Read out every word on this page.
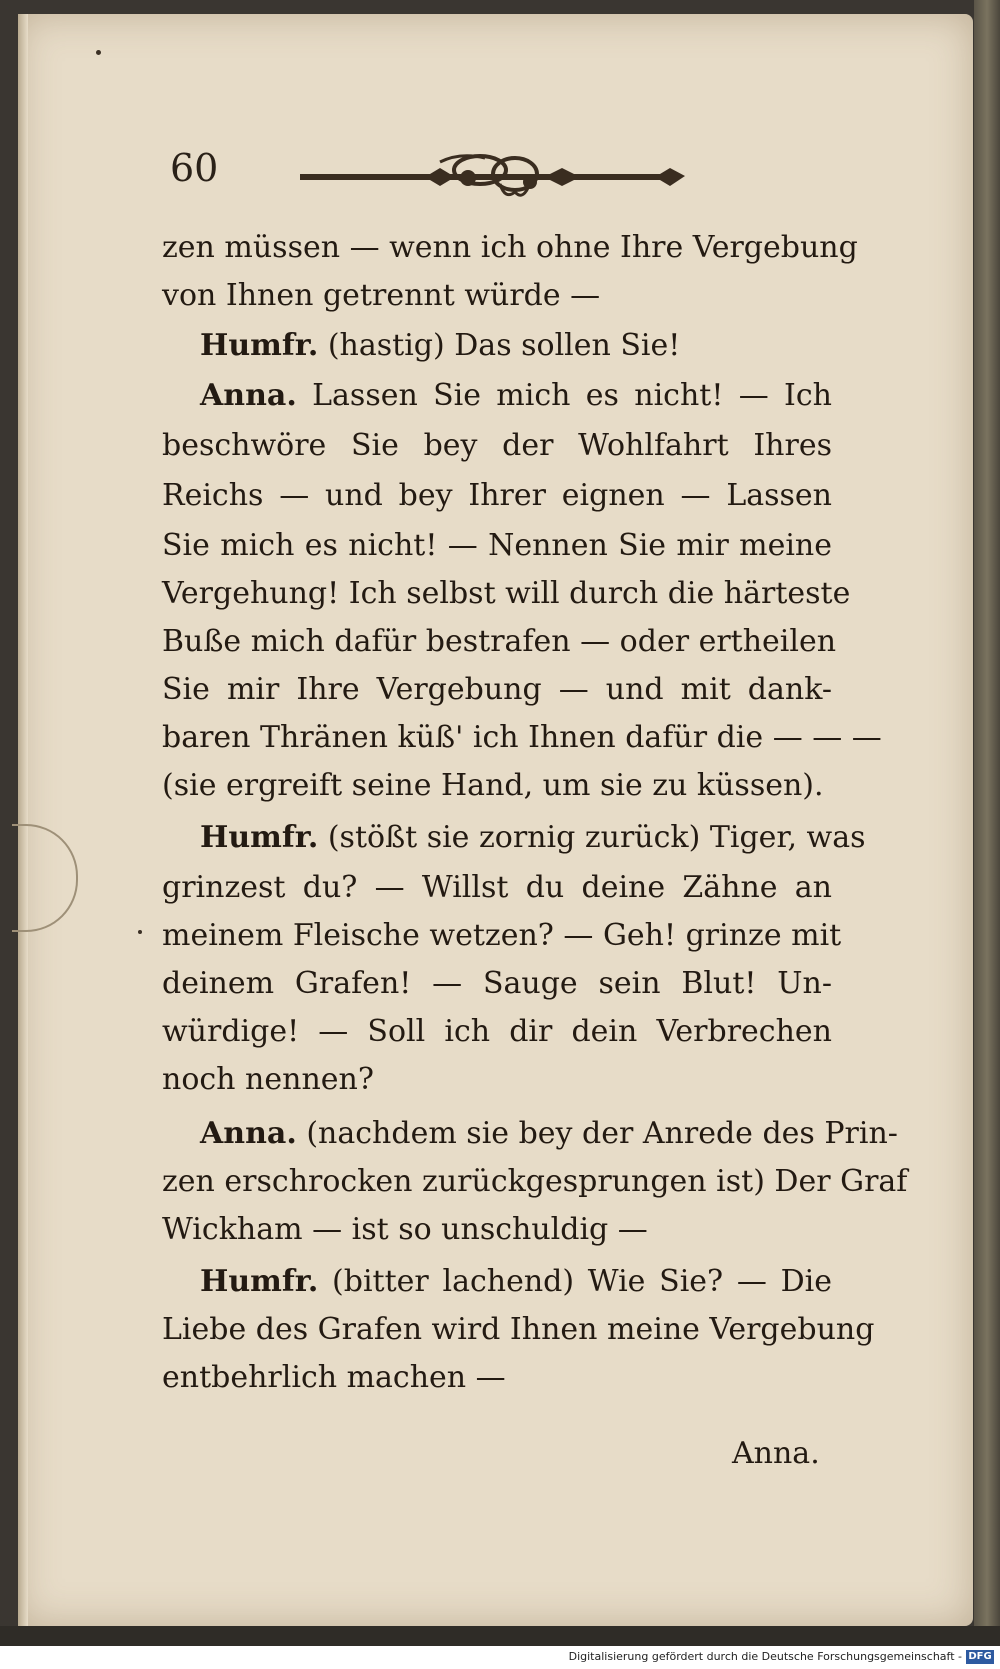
60
zen müssen — wenn ich ohne Ihre Vergebung
von Ihnen getrennt würde —
Humfr. (hastig) Das sollen Sie!
Anna. Lassen Sie mich es nicht! — Ich
beschwöre Sie bey der Wohlfahrt Ihres
Reichs — und bey Ihrer eignen — Lassen
Sie mich es nicht! — Nennen Sie mir meine
Vergehung! Ich selbst will durch die härteste
Buße mich dafür bestrafen — oder ertheilen
Sie mir Ihre Vergebung — und mit dank-
baren Thränen küß' ich Ihnen dafür die — — —
(sie ergreift seine Hand, um sie zu küssen).
Humfr. (stößt sie zornig zurück) Tiger, was
grinzest du? — Willst du deine Zähne an
meinem Fleische wetzen? — Geh! grinze mit
deinem Grafen! — Sauge sein Blut! Un-
würdige! — Soll ich dir dein Verbrechen
noch nennen?
Anna. (nachdem sie bey der Anrede des Prin-
zen erschrocken zurückgesprungen ist) Der Graf
Wickham — ist so unschuldig —
Humfr. (bitter lachend) Wie Sie? — Die
Liebe des Grafen wird Ihnen meine Vergebung
entbehrlich machen —
Anna.
Digitalisierung gefördert durch die Deutsche Forschungsgemeinschaft - DFG
